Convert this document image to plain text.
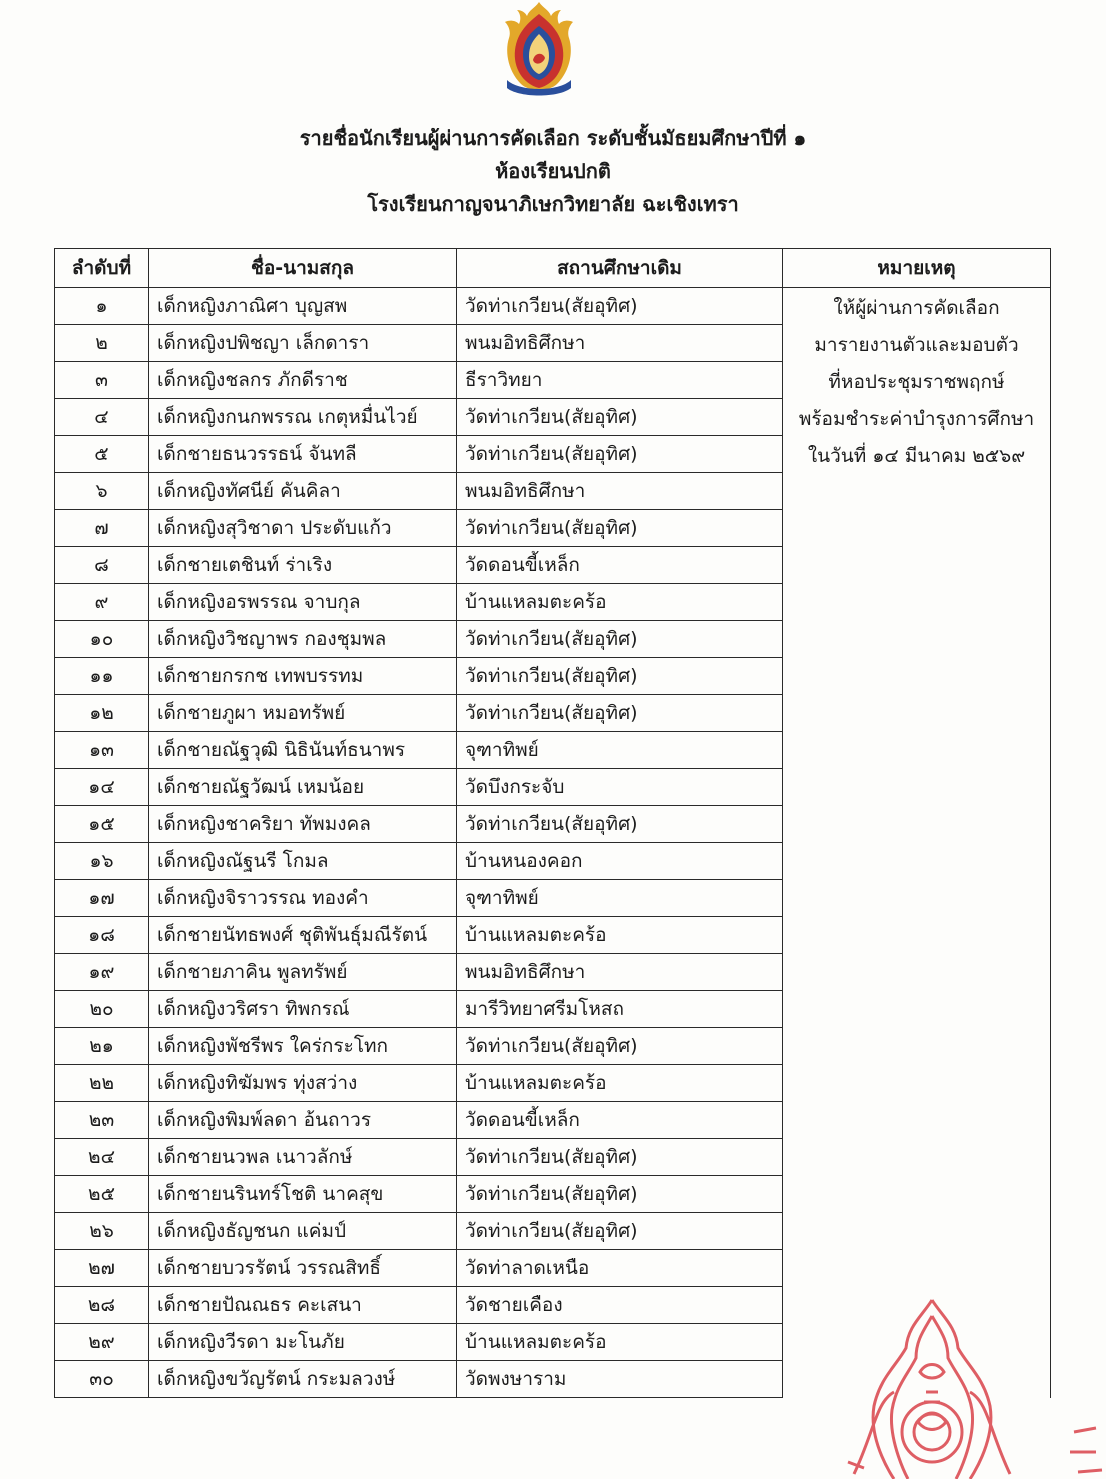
รายชื่อนักเรียนผู้ผ่านการคัดเลือก ระดับชั้นมัธยมศึกษาปีที่ ๑
ห้องเรียนปกติ
โรงเรียนกาญจนาภิเษกวิทยาลัย ฉะเชิงเทรา
ลำดับที่	ชื่อ-นามสกุล	สถานศึกษาเดิม	หมายเหตุ
๑	เด็กหญิงภาณิศา บุญสพ	วัดท่าเกวียน(สัยอุทิศ)	ให้ผู้ผ่านการคัดเลือก
มารายงานตัวและมอบตัว
ที่หอประชุมราชพฤกษ์
พร้อมชำระค่าบำรุงการศึกษา
ในวันที่ ๑๔ มีนาคม ๒๕๖๙

๒	เด็กหญิงปพิชญา เล็กดารา	พนมอิทธิศึกษา	
๓	เด็กหญิงชลกร ภักดีราช	ธีราวิทยา	
๔	เด็กหญิงกนกพรรณ เกตุหมื่นไวย์	วัดท่าเกวียน(สัยอุทิศ)	
๕	เด็กชายธนวรรธน์ จันทลี	วัดท่าเกวียน(สัยอุทิศ)	
๖	เด็กหญิงทัศนีย์ คันคิลา	พนมอิทธิศึกษา	
๗	เด็กหญิงสุวิชาดา ประดับแก้ว	วัดท่าเกวียน(สัยอุทิศ)	
๘	เด็กชายเตชินท์ ร่าเริง	วัดดอนขี้เหล็ก	
๙	เด็กหญิงอรพรรณ จาบกุล	บ้านแหลมตะคร้อ	
๑๐	เด็กหญิงวิชญาพร กองชุมพล	วัดท่าเกวียน(สัยอุทิศ)	
๑๑	เด็กชายกรกช เทพบรรทม	วัดท่าเกวียน(สัยอุทิศ)	
๑๒	เด็กชายภูผา หมอทรัพย์	วัดท่าเกวียน(สัยอุทิศ)	
๑๓	เด็กชายณัฐวุฒิ นิธินันท์ธนาพร	จุฑาทิพย์	
๑๔	เด็กชายณัฐวัฒน์ เหมน้อย	วัดบึงกระจับ	
๑๕	เด็กหญิงชาคริยา ทัพมงคล	วัดท่าเกวียน(สัยอุทิศ)	
๑๖	เด็กหญิงณัฐนรี โกมล	บ้านหนองคอก	
๑๗	เด็กหญิงจิราวรรณ ทองคำ	จุฑาทิพย์	
๑๘	เด็กชายนัทธพงศ์ ชุติพันธุ์มณีรัตน์	บ้านแหลมตะคร้อ	
๑๙	เด็กชายภาคิน พูลทรัพย์	พนมอิทธิศึกษา	
๒๐	เด็กหญิงวริศรา ทิพกรณ์	มารีวิทยาศรีมโหสถ	
๒๑	เด็กหญิงพัชรีพร ใคร่กระโทก	วัดท่าเกวียน(สัยอุทิศ)	
๒๒	เด็กหญิงทิฆัมพร ทุ่งสว่าง	บ้านแหลมตะคร้อ	
๒๓	เด็กหญิงพิมพ์ลดา อ้นถาวร	วัดดอนขี้เหล็ก	
๒๔	เด็กชายนวพล เนาวลักษ์	วัดท่าเกวียน(สัยอุทิศ)	
๒๕	เด็กชายนรินทร์โชติ นาคสุข	วัดท่าเกวียน(สัยอุทิศ)	
๒๖	เด็กหญิงธัญชนก แค่มป์	วัดท่าเกวียน(สัยอุทิศ)	
๒๗	เด็กชายบวรรัตน์ วรรณสิทธิ์	วัดท่าลาดเหนือ	
๒๘	เด็กชายปัณณธร คะเสนา	วัดชายเคือง	
๒๙	เด็กหญิงวีรดา มะโนภัย	บ้านแหลมตะคร้อ	
๓๐	เด็กหญิงขวัญรัตน์ กระมลวงษ์	วัดพงษาราม	
